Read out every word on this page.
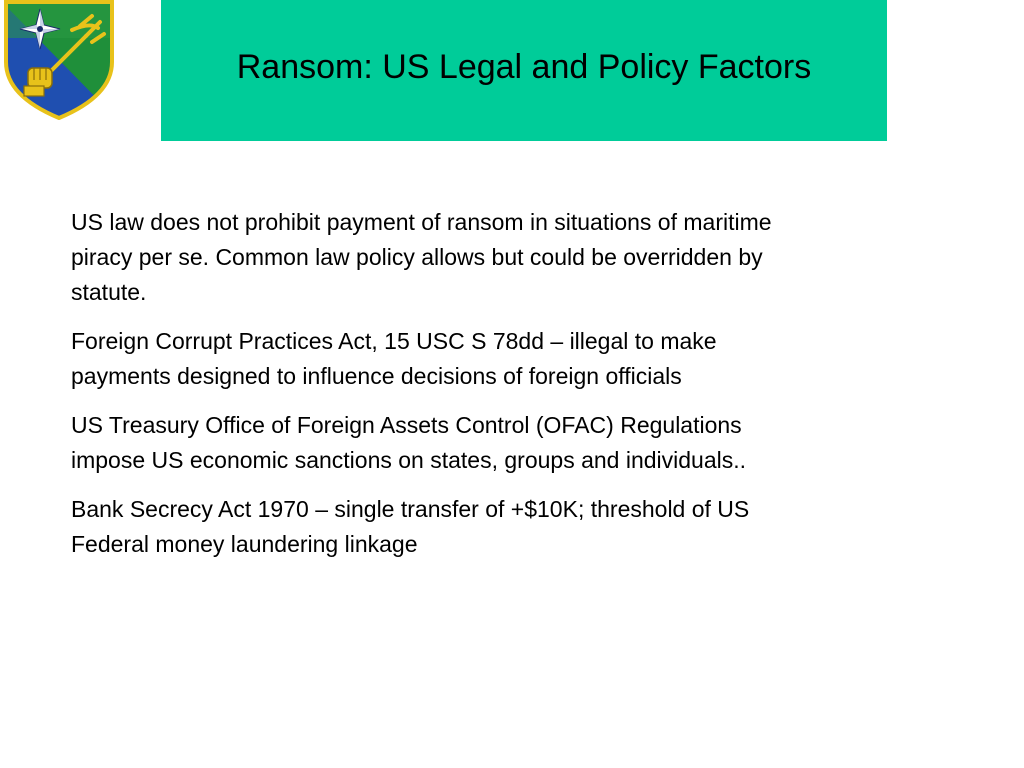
Ransom: US Legal and Policy Factors

US law does not prohibit payment of ransom in situations of maritime piracy per se. Common law policy allows but could be overridden by statute.

Foreign Corrupt Practices Act, 15 USC S 78dd – illegal to make payments designed to influence decisions of foreign officials

US Treasury Office of Foreign Assets Control (OFAC) Regulations impose US economic sanctions on states, groups and individuals..

Bank Secrecy Act 1970 – single transfer of +$10K; threshold of US Federal money laundering linkage
